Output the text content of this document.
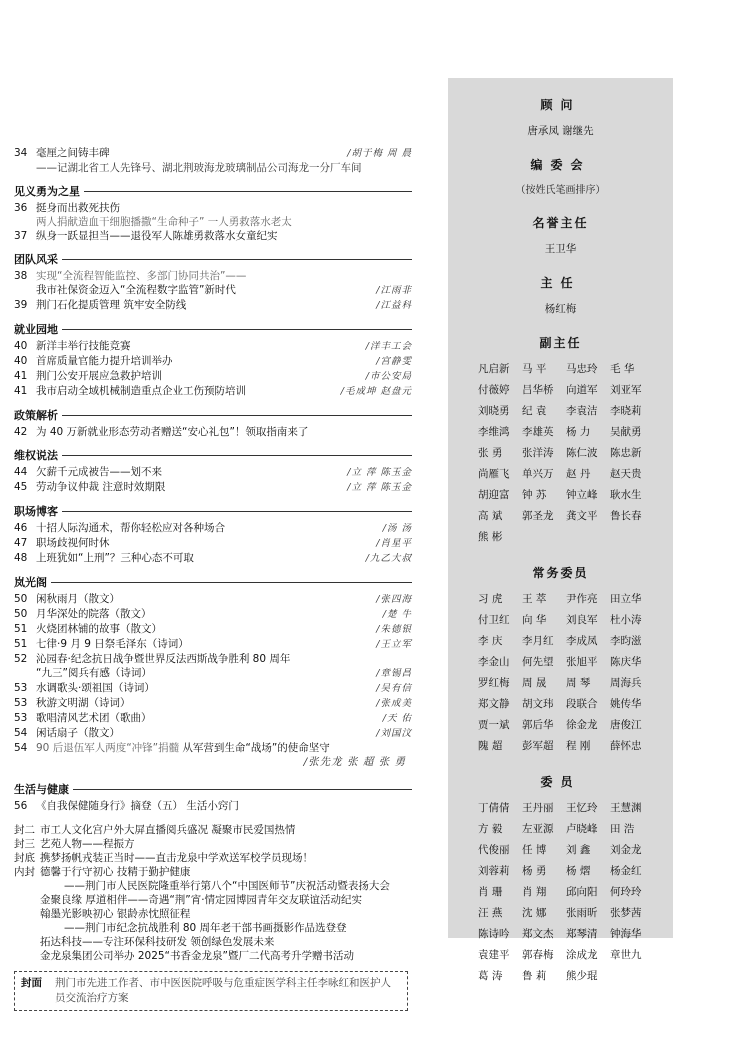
34 毫厘之间铸丰碑	/胡于梅 周 晨
——记湖北省工人先锋号、湖北荆玻海龙玻璃制品公司海龙一分厂车间
见义勇为之星
36 挺身而出救死扶伤
两人捐献造血干细胞播撒“生命种子” 一人勇救落水老太
37 纵身一跃显担当——退役军人陈雄勇救落水女童纪实
团队风采
38 实现“全流程智能监控、多部门协同共治”——
我市社保资金迈入“全流程数字监管”新时代	/江雨非
39 荆门石化提质管理 筑牢安全防线	/江益科
就业园地
40 新洋丰举行技能竞赛	/洋丰工会
40 首席质量官能力提升培训举办	/宫静雯
41 荆门公安开展应急救护培训	/市公安局
41 我市启动全域机械制造重点企业工伤预防培训	/毛成坤 赵盘元
政策解析
42 为 40 万新就业形态劳动者赠送“安心礼包”！领取指南来了
维权说法
44 欠薪千元成被告——划不来	/立 萍 陈玉金
45 劳动争议仲裁 注意时效期限	/立 萍 陈玉金
职场博客
46 十招人际沟通术，帮你轻松应对各种场合	/汤 汤
47 职场歧视何时休	/肖星平
48 上班犹如“上刑”？三种心态不可取	/九乙大叔
岚光阁
50 闲秋雨月（散文）	/张四海
50 月华深处的院落（散文）	/楚 牛
51 火烧团林铺的故事（散文）	/朱德银
51 七律·9 月 9 日祭毛泽东（诗词）	/王立军
52 沁园春·纪念抗日战争暨世界反法西斯战争胜利 80 周年
“九三”阅兵有感（诗词）	/章锡昌
53 水调歌头·颂祖国（诗词）	/吴有信
53 秋游文明湖（诗词）	/张成美
53 歌唱清风艺术团（歌曲）	/天 佑
54 闲话扇子（散文）	/刘国汶
54 90 后退伍军人两度“冲锋”捐髓 从军营到生命“战场”的使命坚守
/张先龙 张 超 张 勇
生活与健康
56 《自我保健随身行》摘登（五） 生活小窍门
封二 市工人文化宫户外大屏直播阅兵盛况 凝聚市民爱国热情
封三 艺苑人物——程振方
封底 携梦扬帆戎装正当时——直击龙泉中学欢送军校学员现场！
内封 德馨于行守初心 技精于勤护健康
——荆门市人民医院隆重举行第八个“中国医师节”庆祝活动暨表扬大会
金聚良缘 厚道相伴——奇遇“荆”宵·情定园博园青年交友联谊活动纪实
翰墨光影映初心 银龄赤忱照征程
——荆门市纪念抗战胜利 80 周年老干部书画摄影作品选登登
拓达科技——专注环保科技研发 领创绿色发展未来
金龙泉集团公司举办 2025“书香金龙泉”暨厂二代高考升学赠书活动
封面	荆门市先进工作者、市中医医院呼吸与危重症医学科主任李咏红和医护人员交流治疗方案
顾问
唐承凤 谢继先
编委会
（按姓氏笔画排序）
名誉主任
王卫华
主任
杨红梅
副主任
凡启新	马 平	马忠玲	毛 华
付薇婷	吕华桥	向道军	刘亚军
刘晓勇	纪 袁	李袁洁	李晓莉
李维鸿	李雄英	杨 力	吴献勇
张 勇	张洋涛	陈仁波	陈忠新
尚雁飞	单兴万	赵 丹	赵天贵
胡迎富	钟 苏	钟立峰	耿水生
高 斌	郭圣龙	龚文平	鲁长春
熊 彬
常务委员
习 虎	王 萃	尹作亮	田立华
付卫红	向 华	刘良军	杜小涛
李 庆	李月红	李成凤	李昀滋
李金山	何先望	张旭平	陈庆华
罗红梅	周 晟	周 琴	周海兵
郑文静	胡文玮	段联合	姚传华
贾一斌	郭后华	徐金龙	唐俊江
隗 超	彭军超	程 刚	薛怀忠
委员
丁倩倩	王丹丽	王忆玲	王慧渊
方 毅	左亚源	卢晓峰	田 浩
代俊丽	任 博	刘 鑫	刘金龙
刘蓉莉	杨 勇	杨 熠	杨金红
肖 珊	肖 翔	邱向阳	何玲玲
汪 燕	沈 娜	张雨昕	张梦茜
陈诗吟	郑文杰	郑琴清	钟海华
袁建平	郭春梅	涂成龙	章世九
葛 涛	鲁 莉	熊少琨
